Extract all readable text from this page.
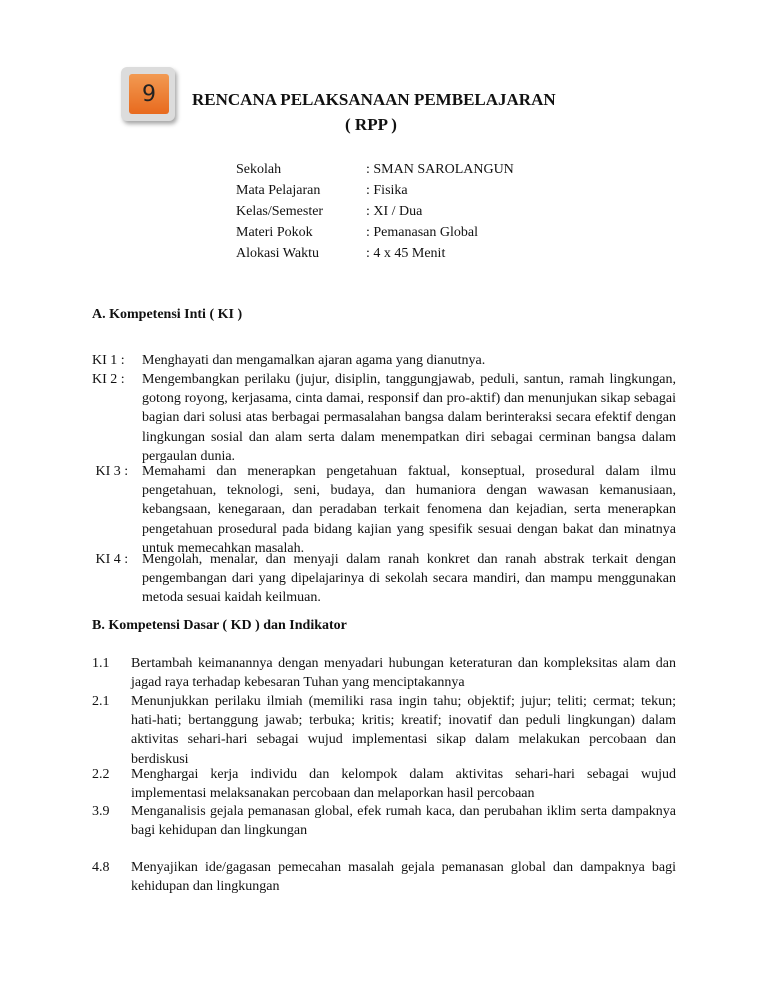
9	RENCANA PELAKSANAAN PEMBELAJARAN
( RPP )
Sekolah	: SMAN SAROLANGUN
Mata Pelajaran	: Fisika
Kelas/Semester	: XI / Dua
Materi Pokok	: Pemanasan Global
Alokasi Waktu	: 4 x 45 Menit
A. Kompetensi Inti ( KI )
KI 1 :	Menghayati dan mengamalkan ajaran agama yang dianutnya.
KI 2 :	Mengembangkan perilaku (jujur, disiplin, tanggungjawab, peduli, santun, ramah lingkungan, gotong royong, kerjasama, cinta damai, responsif dan pro-aktif) dan menunjukan sikap sebagai bagian dari solusi atas berbagai permasalahan bangsa dalam berinteraksi secara efektif dengan lingkungan sosial dan alam serta dalam menempatkan diri sebagai cerminan bangsa dalam pergaulan dunia.
KI 3 : Memahami dan menerapkan pengetahuan faktual, konseptual, prosedural dalam ilmu pengetahuan, teknologi, seni, budaya, dan humaniora dengan wawasan kemanusiaan, kebangsaan, kenegaraan, dan peradaban terkait fenomena dan kejadian, serta menerapkan pengetahuan prosedural pada bidang kajian yang spesifik sesuai dengan bakat dan minatnya untuk memecahkan masalah.
KI 4 : Mengolah, menalar, dan menyaji dalam ranah konkret dan ranah abstrak terkait dengan pengembangan dari yang dipelajarinya di sekolah secara mandiri, dan mampu menggunakan metoda sesuai kaidah keilmuan.
B. Kompetensi Dasar ( KD ) dan Indikator
1.1	Bertambah keimanannya dengan menyadari hubungan keteraturan dan kompleksitas alam dan jagad raya terhadap kebesaran Tuhan yang menciptakannya
2.1	Menunjukkan perilaku ilmiah (memiliki rasa ingin tahu; objektif; jujur; teliti; cermat; tekun; hati-hati; bertanggung jawab; terbuka; kritis; kreatif; inovatif dan peduli lingkungan) dalam aktivitas sehari-hari sebagai wujud implementasi sikap dalam melakukan percobaan dan berdiskusi
2.2	Menghargai kerja individu dan kelompok dalam aktivitas sehari-hari sebagai wujud implementasi melaksanakan percobaan dan melaporkan hasil percobaan
3.9	Menganalisis gejala pemanasan global, efek rumah kaca, dan perubahan iklim serta dampaknya bagi kehidupan dan lingkungan
4.8	Menyajikan ide/gagasan pemecahan masalah gejala pemanasan global dan dampaknya bagi kehidupan dan lingkungan
